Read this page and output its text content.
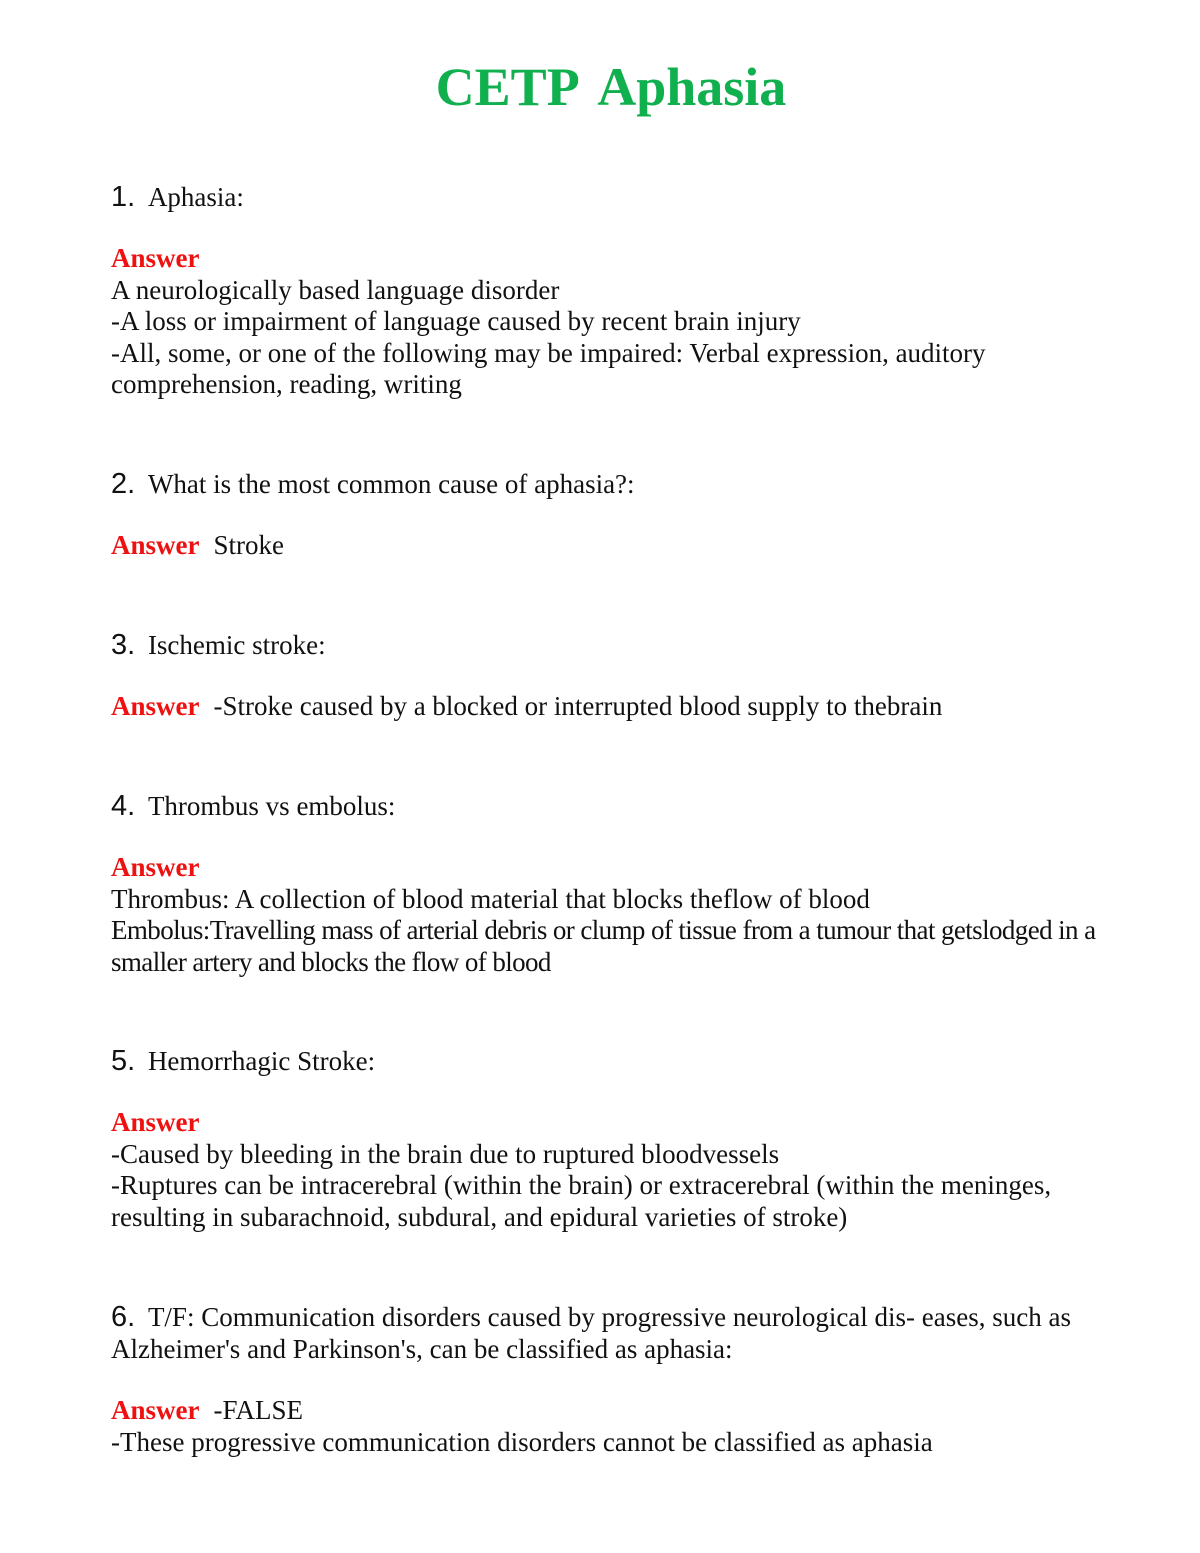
CETP Aphasia
1. Aphasia:
Answer
A neurologically based language disorder
-A loss or impairment of language caused by recent brain injury
-All, some, or one of the following may be impaired: Verbal expression, auditory comprehension, reading, writing
2. What is the most common cause of aphasia?:
Answer Stroke
3. Ischemic stroke:
Answer -Stroke caused by a blocked or interrupted blood supply to thebrain
4. Thrombus vs embolus:
Answer
Thrombus: A collection of blood material that blocks theflow of blood
Embolus:Travelling mass of arterial debris or clump of tissue from a tumour that getslodged in a smaller artery and blocks the flow of blood
5. Hemorrhagic Stroke:
Answer
-Caused by bleeding in the brain due to ruptured bloodvessels
-Ruptures can be intracerebral (within the brain) or extracerebral (within the meninges, resulting in subarachnoid, subdural, and epidural varieties of stroke)
6. T/F: Communication disorders caused by progressive neurological dis- eases, such as Alzheimer's and Parkinson's, can be classified as aphasia:
Answer -FALSE
-These progressive communication disorders cannot be classified as aphasia
